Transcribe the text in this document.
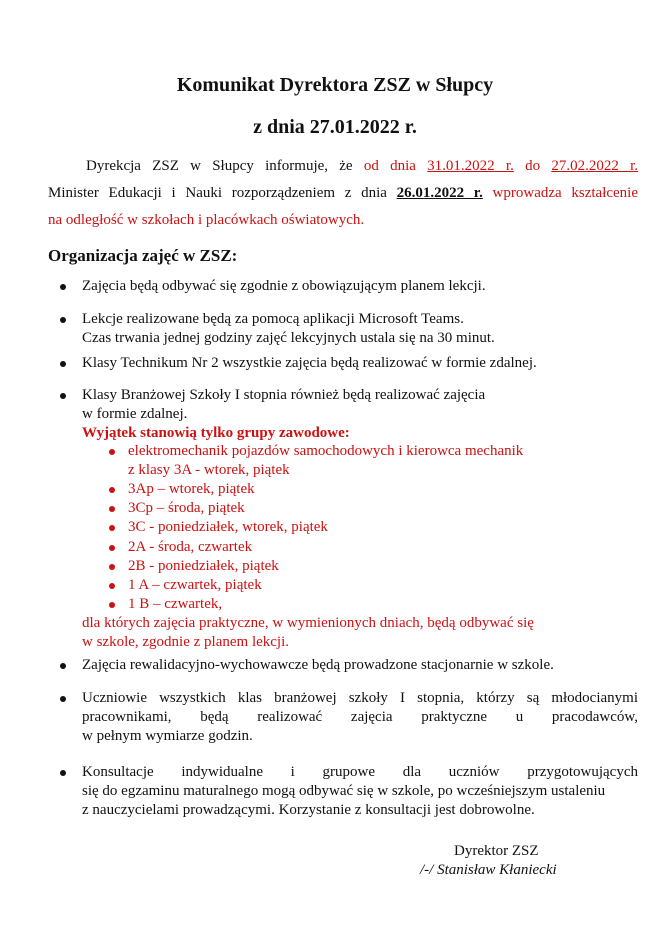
Komunikat Dyrektora ZSZ w Słupcy
z dnia 27.01.2022 r.
Dyrekcja ZSZ w Słupcy informuje, że od dnia 31.01.2022 r. do 27.02.2022 r.
Minister Edukacji i Nauki rozporządzeniem z dnia 26.01.2022 r. wprowadza kształcenie
na odległość w szkołach i placówkach oświatowych.
Organizacja zajęć w ZSZ:
Zajęcia będą odbywać się zgodnie z obowiązującym planem lekcji.
Lekcje realizowane będą za pomocą aplikacji Microsoft Teams.
Czas trwania jednej godziny zajęć lekcyjnych ustala się na 30 minut.
Klasy Technikum Nr 2 wszystkie zajęcia będą realizować w formie zdalnej.
Klasy Branżowej Szkoły I stopnia również będą realizować zajęcia
w formie zdalnej.
Wyjątek stanowią tylko grupy zawodowe:
elektromechanik pojazdów samochodowych i kierowca mechanik
z klasy 3A - wtorek, piątek
3Ap – wtorek, piątek
3Cp – środa, piątek
3C - poniedziałek, wtorek, piątek
2A - środa, czwartek
2B - poniedziałek, piątek
1 A – czwartek, piątek
1 B – czwartek,
dla których zajęcia praktyczne, w wymienionych dniach, będą odbywać się
w szkole, zgodnie z planem lekcji.
Zajęcia rewalidacyjno-wychowawcze będą prowadzone stacjonarnie w szkole.
Uczniowie wszystkich klas branżowej szkoły I stopnia, którzy są młodocianymi
pracownikami, będą realizować zajęcia praktyczne u pracodawców,
w pełnym wymiarze godzin.
Konsultacje indywidualne i grupowe dla uczniów przygotowujących
się do egzaminu maturalnego mogą odbywać się w szkole, po wcześniejszym ustaleniu
z nauczycielami prowadzącymi. Korzystanie z konsultacji jest dobrowolne.
Dyrektor ZSZ
/-/ Stanisław Kłaniecki
